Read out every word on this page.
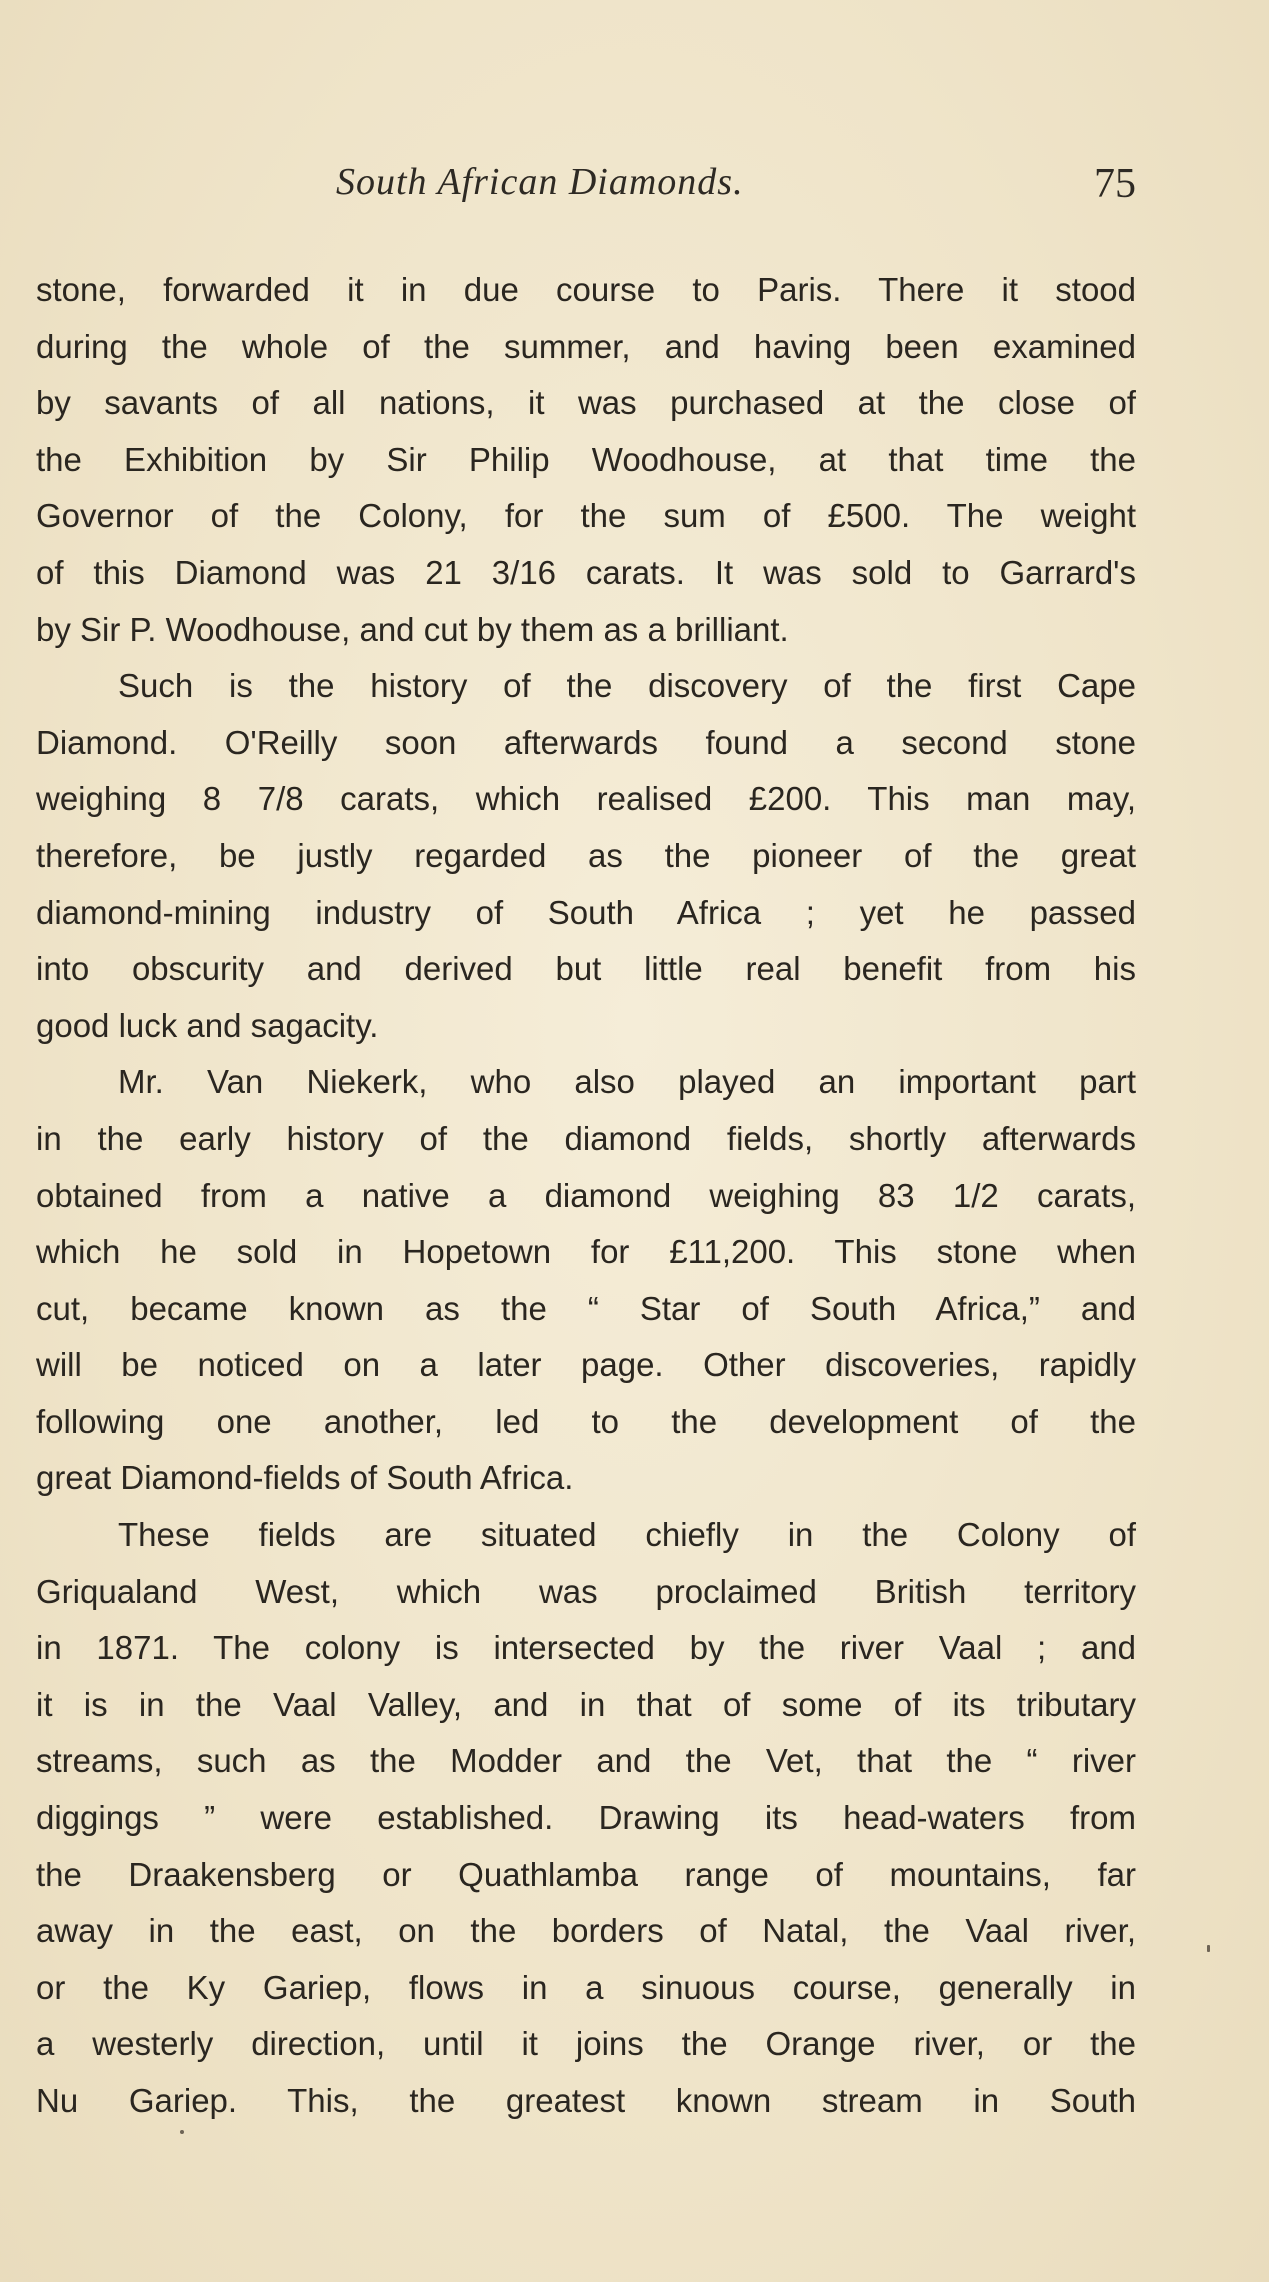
South African Diamonds.	75
stone, forwarded it in due course to Paris. There it stood
during the whole of the summer, and having been examined
by savants of all nations, it was purchased at the close of
the Exhibition by Sir Philip Woodhouse, at that time the
Governor of the Colony, for the sum of £500. The weight
of this Diamond was 21 3/16 carats. It was sold to Garrard's
by Sir P. Woodhouse, and cut by them as a brilliant.
Such is the history of the discovery of the first Cape
Diamond. O'Reilly soon afterwards found a second stone
weighing 8 7/8 carats, which realised £200. This man may,
therefore, be justly regarded as the pioneer of the great
diamond-mining industry of South Africa ; yet he passed
into obscurity and derived but little real benefit from his
good luck and sagacity.
Mr. Van Niekerk, who also played an important part
in the early history of the diamond fields, shortly afterwards
obtained from a native a diamond weighing 83 1/2 carats,
which he sold in Hopetown for £11,200. This stone when
cut, became known as the “ Star of South Africa,” and
will be noticed on a later page. Other discoveries, rapidly
following one another, led to the development of the
great Diamond-fields of South Africa.
These fields are situated chiefly in the Colony of
Griqualand West, which was proclaimed British territory
in 1871. The colony is intersected by the river Vaal ; and
it is in the Vaal Valley, and in that of some of its tributary
streams, such as the Modder and the Vet, that the “ river
diggings ” were established. Drawing its head-waters from
the Draakensberg or Quathlamba range of mountains, far
away in the east, on the borders of Natal, the Vaal river,
or the Ky Gariep, flows in a sinuous course, generally in
a westerly direction, until it joins the Orange river, or the
Nu Gariep. This, the greatest known stream in South
